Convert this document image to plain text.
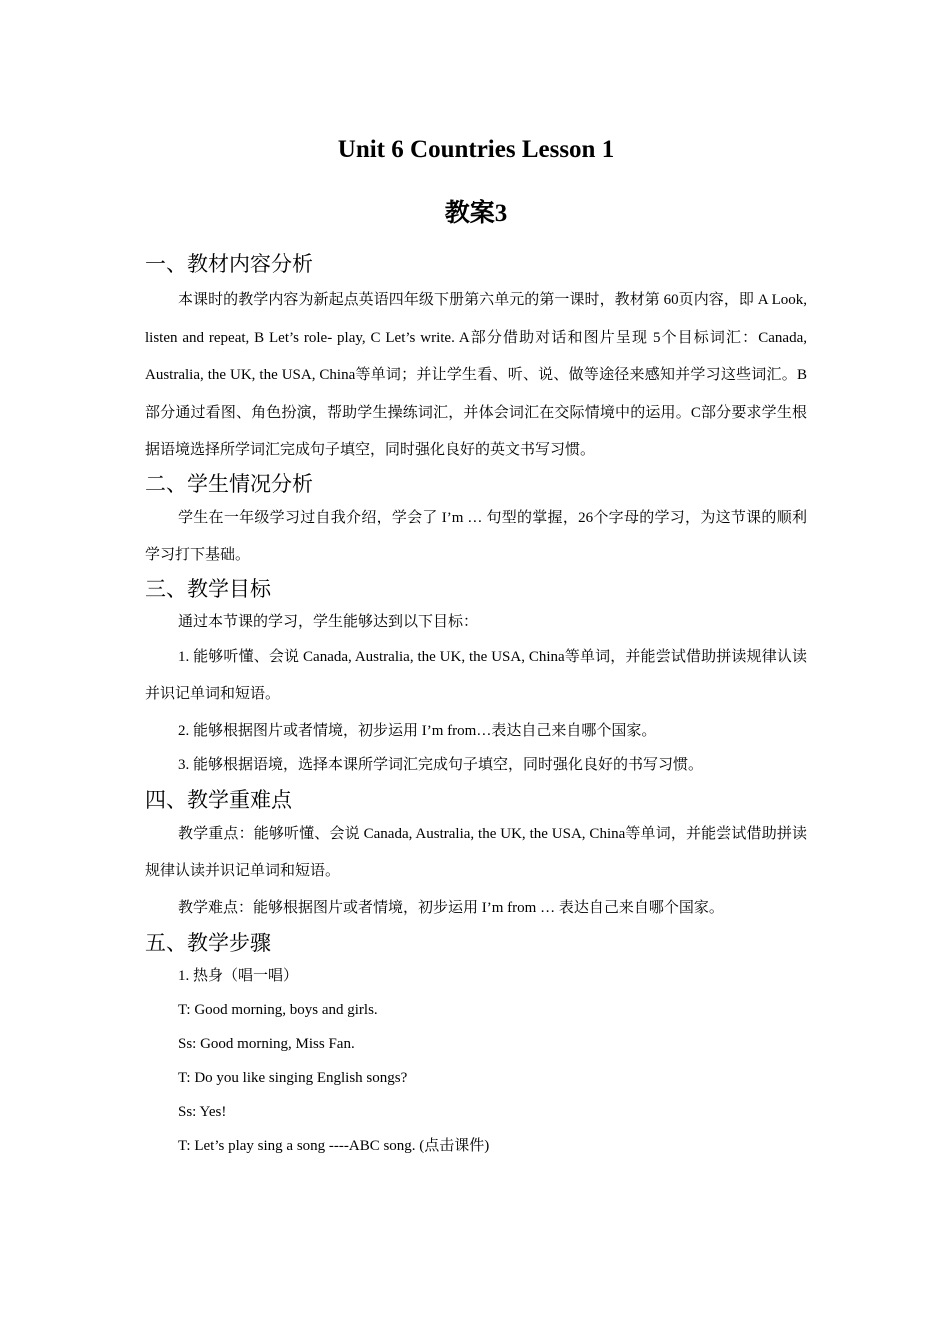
Unit 6 Countries Lesson 1
教案3
一、教材内容分析

本课时的教学内容为新起点英语四年级下册第六单元的第一课时，教材第 60页内容，即 A Look, listen and repeat, B Let’s role- play, C Let’s write. A部分借助对话和图片呈现 5个目标词汇：Canada, Australia, the UK, the USA, China等单词；并让学生看、听、说、做等途径来感知并学习这些词汇。B部分通过看图、角色扮演，帮助学生操练词汇，并体会词汇在交际情境中的运用。C部分要求学生根据语境选择所学词汇完成句子填空，同时强化良好的英文书写习惯。

二、学生情况分析

学生在一年级学习过自我介绍，学会了 I’m … 句型的掌握，26个字母的学习，为这节课的顺利学习打下基础。

三、教学目标

通过本节课的学习，学生能够达到以下目标：

1. 能够听懂、会说 Canada, Australia, the UK, the USA, China等单词，并能尝试借助拼读规律认读并识记单词和短语。

2. 能够根据图片或者情境，初步运用 I’m from…表达自己来自哪个国家。

3. 能够根据语境，选择本课所学词汇完成句子填空，同时强化良好的书写习惯。

四、教学重难点

教学重点：能够听懂、会说 Canada, Australia, the UK, the USA, China等单词，并能尝试借助拼读规律认读并识记单词和短语。

教学难点：能够根据图片或者情境，初步运用 I’m from … 表达自己来自哪个国家。

五、教学步骤

1. 热身（唱一唱）

T: Good morning, boys and girls.

Ss: Good morning, Miss Fan.

T: Do you like singing English songs?

Ss: Yes!

T: Let’s play sing a song ----ABC song. (点击课件)
